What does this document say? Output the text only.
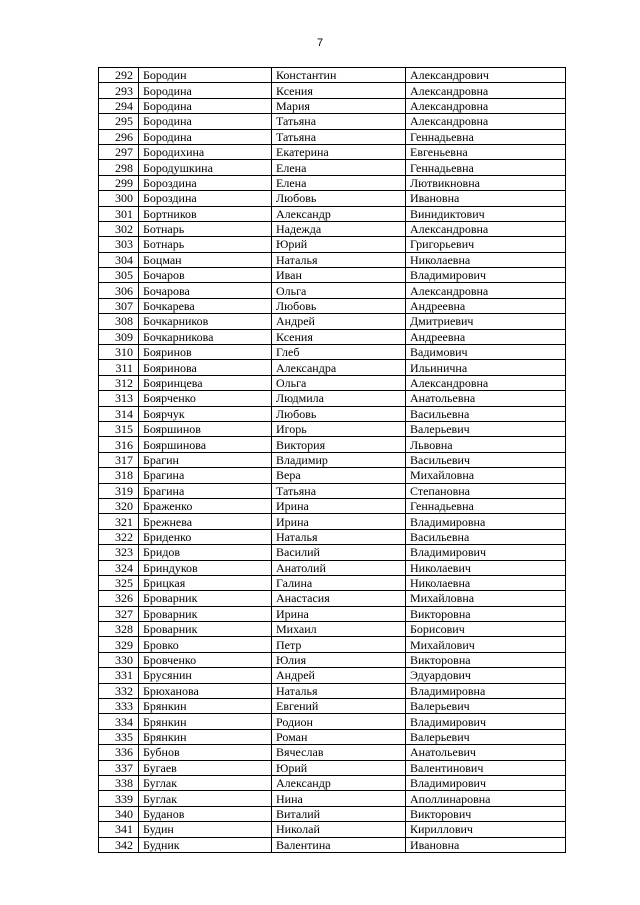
7
292	Бородин	Константин	Александрович
293	Бородина	Ксения	Александровна
294	Бородина	Мария	Александровна
295	Бородина	Татьяна	Александровна
296	Бородина	Татьяна	Геннадьевна
297	Бородихина	Екатерина	Евгеньевна
298	Бородушкина	Елена	Геннадьевна
299	Бороздина	Елена	Лютвикновна
300	Бороздина	Любовь	Ивановна
301	Бортников	Александр	Винидиктович
302	Ботнарь	Надежда	Александровна
303	Ботнарь	Юрий	Григорьевич
304	Боцман	Наталья	Николаевна
305	Бочаров	Иван	Владимирович
306	Бочарова	Ольга	Александровна
307	Бочкарева	Любовь	Андреевна
308	Бочкарников	Андрей	Дмитриевич
309	Бочкарникова	Ксения	Андреевна
310	Бояринов	Глеб	Вадимович
311	Бояринова	Александра	Ильинична
312	Бояринцева	Ольга	Александровна
313	Боярченко	Людмила	Анатольевна
314	Боярчук	Любовь	Васильевна
315	Бояршинов	Игорь	Валерьевич
316	Бояршинова	Виктория	Львовна
317	Брагин	Владимир	Васильевич
318	Брагина	Вера	Михайловна
319	Брагина	Татьяна	Степановна
320	Браженко	Ирина	Геннадьевна
321	Брежнева	Ирина	Владимировна
322	Бриденко	Наталья	Васильевна
323	Бридов	Василий	Владимирович
324	Бриндуков	Анатолий	Николаевич
325	Брицкая	Галина	Николаевна
326	Броварник	Анастасия	Михайловна
327	Броварник	Ирина	Викторовна
328	Броварник	Михаил	Борисович
329	Бровко	Петр	Михайлович
330	Бровченко	Юлия	Викторовна
331	Брусянин	Андрей	Эдуардович
332	Брюханова	Наталья	Владимировна
333	Брянкин	Евгений	Валерьевич
334	Брянкин	Родион	Владимирович
335	Брянкин	Роман	Валерьевич
336	Бубнов	Вячеслав	Анатольевич
337	Бугаев	Юрий	Валентинович
338	Буглак	Александр	Владимирович
339	Буглак	Нина	Аполлинаровна
340	Буданов	Виталий	Викторович
341	Будин	Николай	Кириллович
342	Будник	Валентина	Ивановна
